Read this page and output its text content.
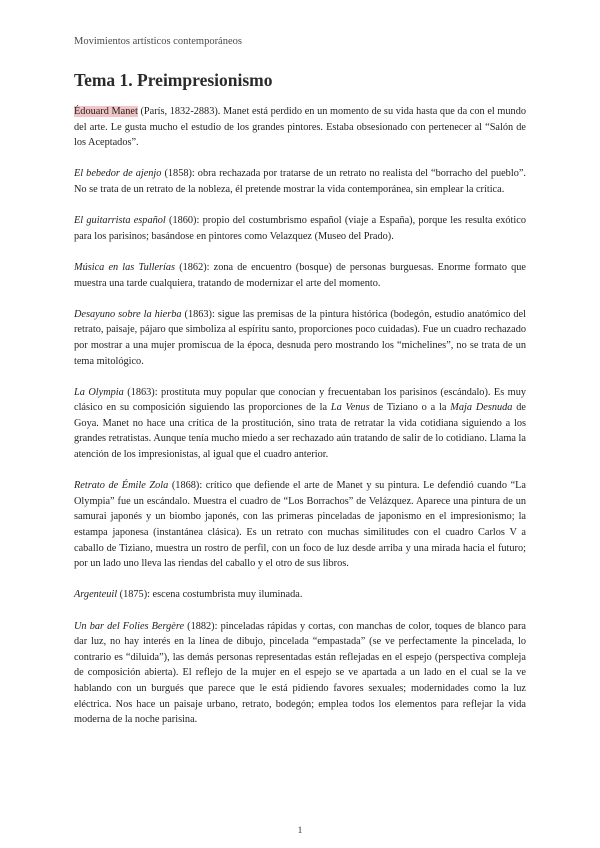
Movimientos artísticos contemporáneos
Tema 1. Preimpresionismo

Édouard Manet (París, 1832-2883). Manet está perdido en un momento de su vida hasta que da con el mundo del arte. Le gusta mucho el estudio de los grandes pintores. Estaba obsesionado con pertenecer al “Salón de los Aceptados”.

El bebedor de ajenjo (1858): obra rechazada por tratarse de un retrato no realista del “borracho del pueblo”. No se trata de un retrato de la nobleza, él pretende mostrar la vida contemporánea, sin emplear la crítica.

El guitarrista español (1860): propio del costumbrismo español (viaje a España), porque les resulta exótico para los parisinos; basándose en pintores como Velazquez (Museo del Prado).

Música en las Tullerías (1862): zona de encuentro (bosque) de personas burguesas. Enorme formato que muestra una tarde cualquiera, tratando de modernizar el arte del momento.

Desayuno sobre la hierba (1863): sigue las premisas de la pintura histórica (bodegón, estudio anatómico del retrato, paisaje, pájaro que simboliza al espíritu santo, proporciones poco cuidadas). Fue un cuadro rechazado por mostrar a una mujer promiscua de la época, desnuda pero mostrando los “michelines”, no se trata de un tema mitológico.

La Olympia (1863): prostituta muy popular que conocían y frecuentaban los parisinos (escándalo). Es muy clásico en su composición siguiendo las proporciones de la La Venus de Tiziano o a la Maja Desnuda de Goya. Manet no hace una crítica de la prostitución, sino trata de retratar la vida cotidiana siguiendo a los grandes retratistas. Aunque tenía mucho miedo a ser rechazado aún tratando de salir de lo cotidiano. Llama la atención de los impresionistas, al igual que el cuadro anterior.

Retrato de Émile Zola (1868): crítico que defiende el arte de Manet y su pintura. Le defendió cuando “La Olympia” fue un escándalo. Muestra el cuadro de “Los Borrachos” de Velázquez. Aparece una pintura de un samurai japonés y un biombo japonés, con las primeras pinceladas de japonismo en el impresionismo; la estampa japonesa (instantánea clásica). Es un retrato con muchas similitudes con el cuadro Carlos V a caballo de Tiziano, muestra un rostro de perfil, con un foco de luz desde arriba y una mirada hacia el futuro; por un lado uno lleva las riendas del caballo y el otro de sus libros.

Argenteuil (1875): escena costumbrista muy iluminada.

Un bar del Folies Bergère (1882): pinceladas rápidas y cortas, con manchas de color, toques de blanco para dar luz, no hay interés en la línea de dibujo, pincelada “empastada” (se ve perfectamente la pincelada, lo contrario es “diluida”), las demás personas representadas están reflejadas en el espejo (perspectiva compleja de composición abierta). El reflejo de la mujer en el espejo se ve apartada a un lado en el cual se la ve hablando con un burgués que parece que le está pidiendo favores sexuales; modernidades como la luz eléctrica. Nos hace un paisaje urbano, retrato, bodegón; emplea todos los elementos para reflejar la vida moderna de la noche parisina.

1
